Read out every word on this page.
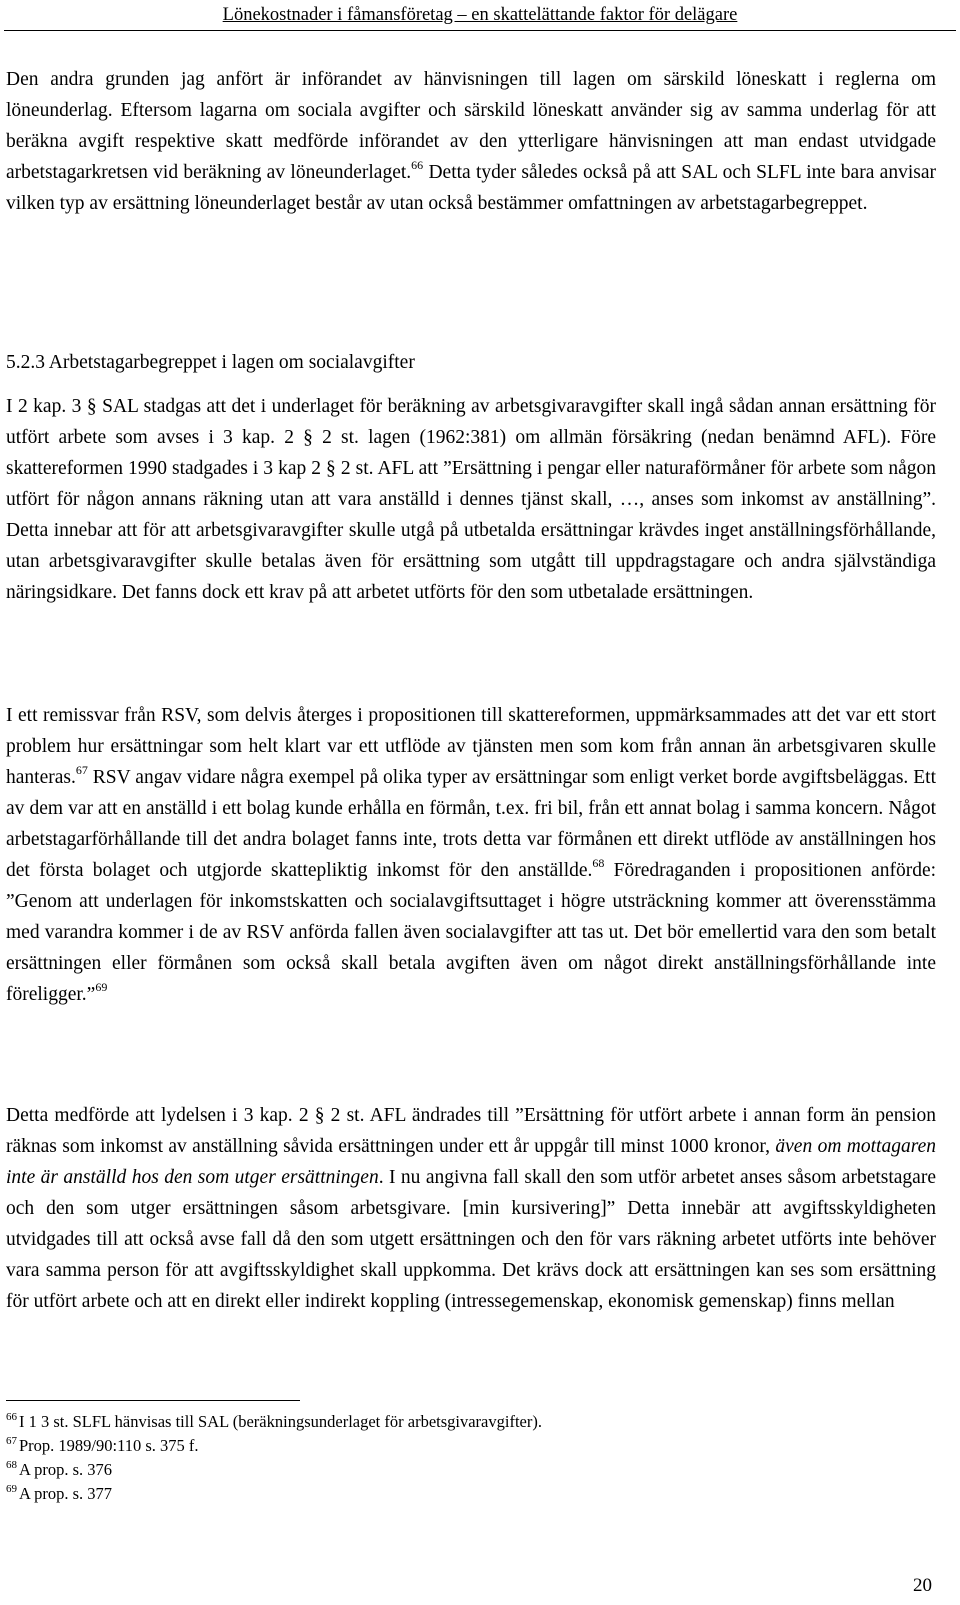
Lönekostnader i fåmansföretag – en skattelättande faktor för delägare

Den andra grunden jag anfört är införandet av hänvisningen till lagen om särskild löneskatt i reglerna om löneunderlag. Eftersom lagarna om sociala avgifter och särskild löneskatt använder sig av samma underlag för att beräkna avgift respektive skatt medförde införandet av den ytterligare hänvisningen att man endast utvidgade arbetstagarkretsen vid beräkning av löneunderlaget.$^{66}$ Detta tyder således också på att SAL och SLFL inte bara anvisar vilken typ av ersättning löneunderlaget består av utan också bestämmer omfattningen av arbetstagarbegreppet.

5.2.3 Arbetstagarbegreppet i lagen om socialavgifter

I 2 kap. 3 § SAL stadgas att det i underlaget för beräkning av arbetsgivaravgifter skall ingå sådan annan ersättning för utfört arbete som avses i 3 kap. 2 § 2 st. lagen (1962:381) om allmän försäkring (nedan benämnd AFL). Före skattereformen 1990 stadgades i 3 kap 2 § 2 st. AFL att ”Ersättning i pengar eller naturaförmåner för arbete som någon utfört för någon annans räkning utan att vara anställd i dennes tjänst skall, …, anses som inkomst av anställning”. Detta innebar att för att arbetsgivaravgifter skulle utgå på utbetalda ersättningar krävdes inget anställningsförhållande, utan arbetsgivaravgifter skulle betalas även för ersättning som utgått till uppdragstagare och andra självständiga näringsidkare. Det fanns dock ett krav på att arbetet utförts för den som utbetalade ersättningen.

I ett remissvar från RSV, som delvis återges i propositionen till skattereformen, uppmärksammades att det var ett stort problem hur ersättningar som helt klart var ett utflöde av tjänsten men som kom från annan än arbetsgivaren skulle hanteras.$^{67}$ RSV angav vidare några exempel på olika typer av ersättningar som enligt verket borde avgiftsbeläggas. Ett av dem var att en anställd i ett bolag kunde erhålla en förmån, t.ex. fri bil, från ett annat bolag i samma koncern. Något arbetstagarförhållande till det andra bolaget fanns inte, trots detta var förmånen ett direkt utflöde av anställningen hos det första bolaget och utgjorde skattepliktig inkomst för den anställde.$^{68}$ Föredraganden i propositionen anförde: ”Genom att underlagen för inkomstskatten och socialavgiftsuttaget i högre utsträckning kommer att överensstämma med varandra kommer i de av RSV anförda fallen även socialavgifter att tas ut. Det bör emellertid vara den som betalt ersättningen eller förmånen som också skall betala avgiften även om något direkt anställningsförhållande inte föreligger.”$^{69}$

Detta medförde att lydelsen i 3 kap. 2 § 2 st. AFL ändrades till ”Ersättning för utfört arbete i annan form än pension räknas som inkomst av anställning såvida ersättningen under ett år uppgår till minst 1000 kronor, även om mottagaren inte är anställd hos den som utger ersättningen. I nu angivna fall skall den som utför arbetet anses såsom arbetstagare och den som utger ersättningen såsom arbetsgivare. [min kursivering]” Detta innebär att avgiftsskyldigheten utvidgades till att också avse fall då den som utgett ersättningen och den för vars räkning arbetet utförts inte behöver vara samma person för att avgiftsskyldighet skall uppkomma. Det krävs dock att ersättningen kan ses som ersättning för utfört arbete och att en direkt eller indirekt koppling (intressegemenskap, ekonomisk gemenskap) finns mellan

$^{66}$ I 1 3 st. SLFL hänvisas till SAL (beräkningsunderlaget för arbetsgivaravgifter).
$^{67}$ Prop. 1989/90:110 s. 375 f.
$^{68}$ A prop. s. 376
$^{69}$ A prop. s. 377
20
